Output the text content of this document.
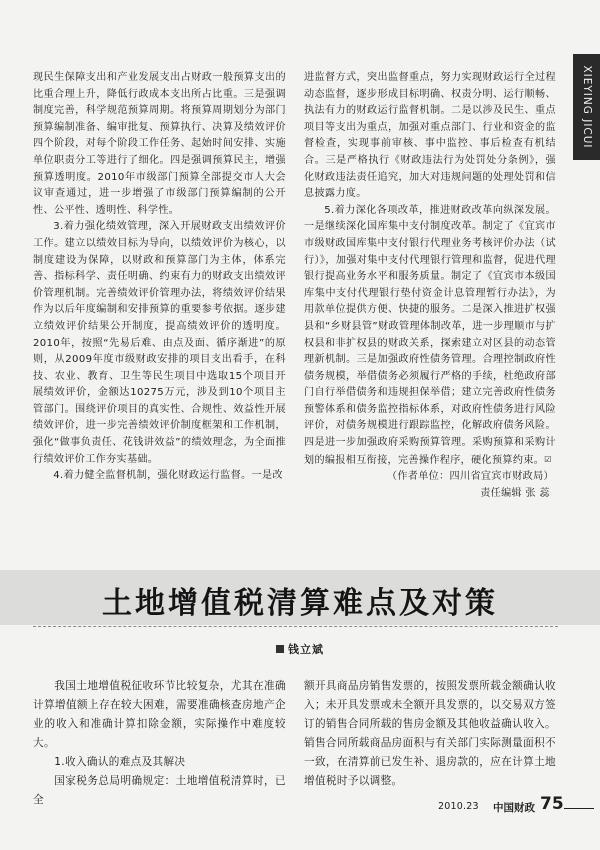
XIEYING JICUI

现民生保障支出和产业发展支出占财政一般预算支出的比重合理上升，降低行政成本支出所占比重。三是强调制度完善，科学规范预算周期。将预算周期划分为部门预算编制准备、编审批复、预算执行、决算及绩效评价四个阶段，对每个阶段工作任务、起始时间安排、实施单位职责分工等进行了细化。四是强调预算民主，增强预算透明度。2010年市级部门预算全部提交市人大会议审查通过，进一步增强了市级部门预算编制的公开性、公平性、透明性、科学性。

3.着力强化绩效管理，深入开展财政支出绩效评价工作。建立以绩效目标为导向，以绩效评价为核心，以制度建设为保障，以财政和预算部门为主体，体系完善、指标科学、责任明确、约束有力的财政支出绩效评价管理机制。完善绩效评价管理办法，将绩效评价结果作为以后年度编制和安排预算的重要参考依据。逐步建立绩效评价结果公开制度，提高绩效评价的透明度。2010年，按照“先易后难、由点及面、循序渐进”的原则，从2009年度市级财政安排的项目支出看手，在科技、农业、教育、卫生等民生项目中选取15个项目开展绩效评价，金额达10275万元，涉及到10个项目主管部门。围绕评价项目的真实性、合规性、效益性开展绩效评价，进一步完善绩效评价制度框架和工作机制，强化“做事负责任、花钱讲效益”的绩效理念，为全面推行绩效评价工作夯实基础。

4.着力健全监督机制，强化财政运行监督。一是改

进监督方式，突出监督重点，努力实现财政运行全过程动态监督，逐步形成目标明确、权责分明、运行顺畅、执法有力的财政运行监督机制。二是以涉及民生、重点项目等支出为重点，加强对重点部门、行业和资金的监督检查，实现事前审核、事中监控、事后检查有机结合。三是严格执行《财政违法行为处罚处分条例》，强化财政违法责任追究，加大对违规问题的处理处罚和信息披露力度。

5.着力深化各项改革，推进财政改革向纵深发展。一是继续深化国库集中支付制度改革。制定了《宜宾市市级财政国库集中支付银行代理业务考核评价办法（试行）》，加强对集中支付代理银行管理和监督，促进代理银行提高业务水平和服务质量。制定了《宜宾市本级国库集中支付代理银行垫付资金计息管理暂行办法》，为用款单位提供方便、快捷的服务。二是深入推进扩权强县和“乡财县管”财政管理体制改革，进一步理顺市与扩权县和非扩权县的财政关系，探索建立对区县的动态管理新机制。三是加强政府性债务管理。合理控制政府性债务规模，举借债务必须履行严格的手续，杜绝政府部门自行举借债务和违规担保举借；建立完善政府性债务预警体系和债务监控指标体系，对政府性债务进行风险评价，对债务规模进行跟踪监控，化解政府债务风险。四是进一步加强政府采购预算管理。采购预算和采购计划的编报相互衔接，完善操作程序，硬化预算约束。☑

（作者单位：四川省宜宾市财政局）

责任编辑 张 蕊

土地增值税清算难点及对策
钱立斌

我国土地增值税征收环节比较复杂，尤其在准确计算增值额上存在较大困难，需要准确核查房地产企业的收入和准确计算扣除金额，实际操作中难度较大。

1.收入确认的难点及其解决

国家税务总局明确规定：土地增值税清算时，已全

额开具商品房销售发票的，按照发票所载金额确认收入；未开具发票或未全额开具发票的，以交易双方签订的销售合同所载的售房金额及其他收益确认收入。销售合同所载商品房面积与有关部门实际测量面积不一致，在清算前已发生补、退房款的，应在计算土地增值税时予以调整。

2010.23 中国财政 75
